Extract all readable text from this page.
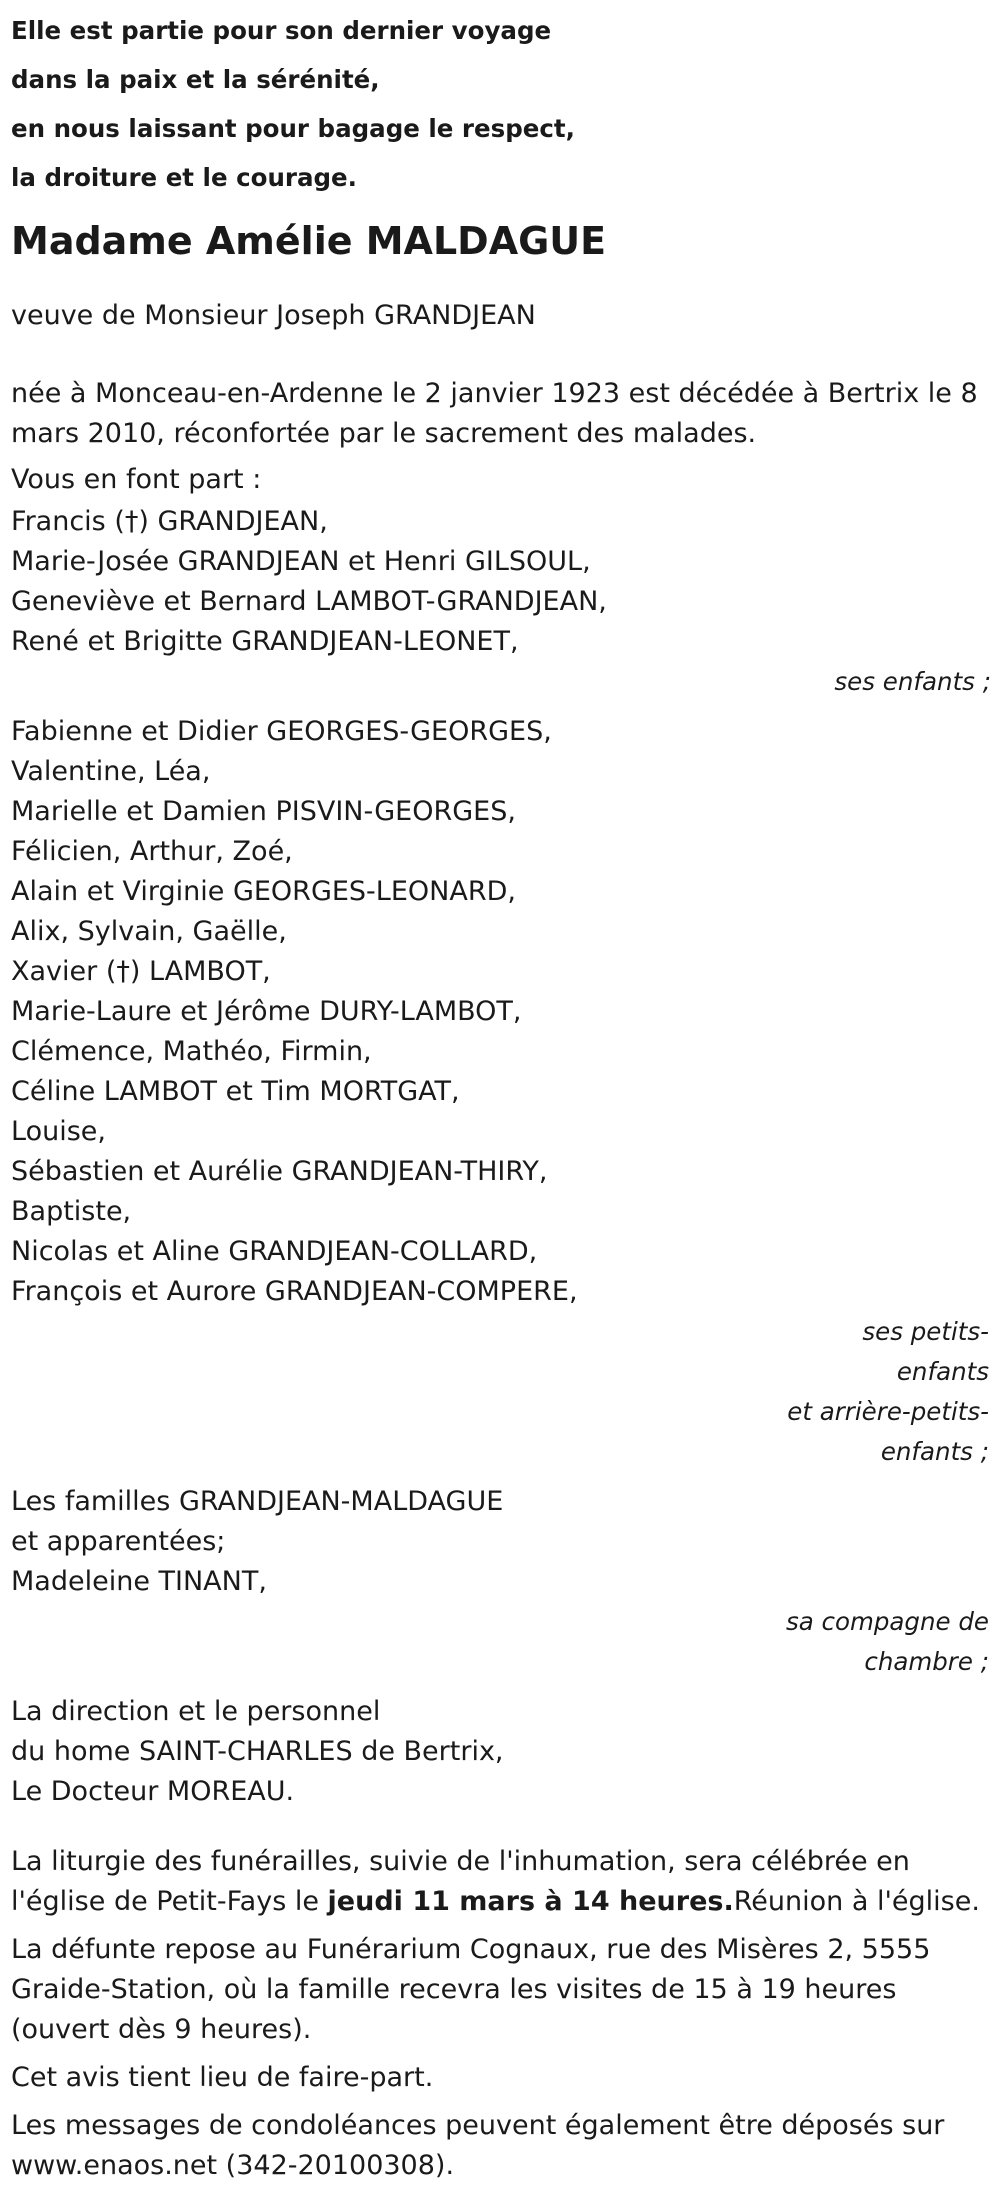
Elle est partie pour son dernier voyage
dans la paix et la sérénité,
en nous laissant pour bagage le respect,
la droiture et le courage.
Madame Amélie MALDAGUE

veuve de Monsieur Joseph GRANDJEAN

née à Monceau-en-Ardenne le 2 janvier 1923 est décédée à Bertrix le 8 mars 2010, réconfortée par le sacrement des malades.

Vous en font part :

Francis (†) GRANDJEAN,
Marie-Josée GRANDJEAN et Henri GILSOUL,
Geneviève et Bernard LAMBOT-GRANDJEAN,
René et Brigitte GRANDJEAN-LEONET,
ses enfants ;
Fabienne et Didier GEORGES-GEORGES,
Valentine, Léa,
Marielle et Damien PISVIN-GEORGES,
Félicien, Arthur, Zoé,
Alain et Virginie GEORGES-LEONARD,
Alix, Sylvain, Gaëlle,
Xavier (†) LAMBOT,
Marie-Laure et Jérôme DURY-LAMBOT,
Clémence, Mathéo, Firmin,
Céline LAMBOT et Tim MORTGAT,
Louise,
Sébastien et Aurélie GRANDJEAN-THIRY,
Baptiste,
Nicolas et Aline GRANDJEAN-COLLARD,
François et Aurore GRANDJEAN-COMPERE,
ses petits-enfants
et arrière-petits-
enfants ;
Les familles GRANDJEAN-MALDAGUE
et apparentées;
Madeleine TINANT,
sa compagne de
chambre ;
La direction et le personnel
du home SAINT-CHARLES de Bertrix,
Le Docteur MOREAU.

La liturgie des funérailles, suivie de l'inhumation, sera célébrée en l'église de Petit-Fays le jeudi 11 mars à 14 heures.Réunion à l'église.

La défunte repose au Funérarium Cognaux, rue des Misères 2, 5555 Graide-Station, où la famille recevra les visites de 15 à 19 heures (ouvert dès 9 heures).

Cet avis tient lieu de faire-part.

Les messages de condoléances peuvent également être déposés sur www.enaos.net (342-20100308).
